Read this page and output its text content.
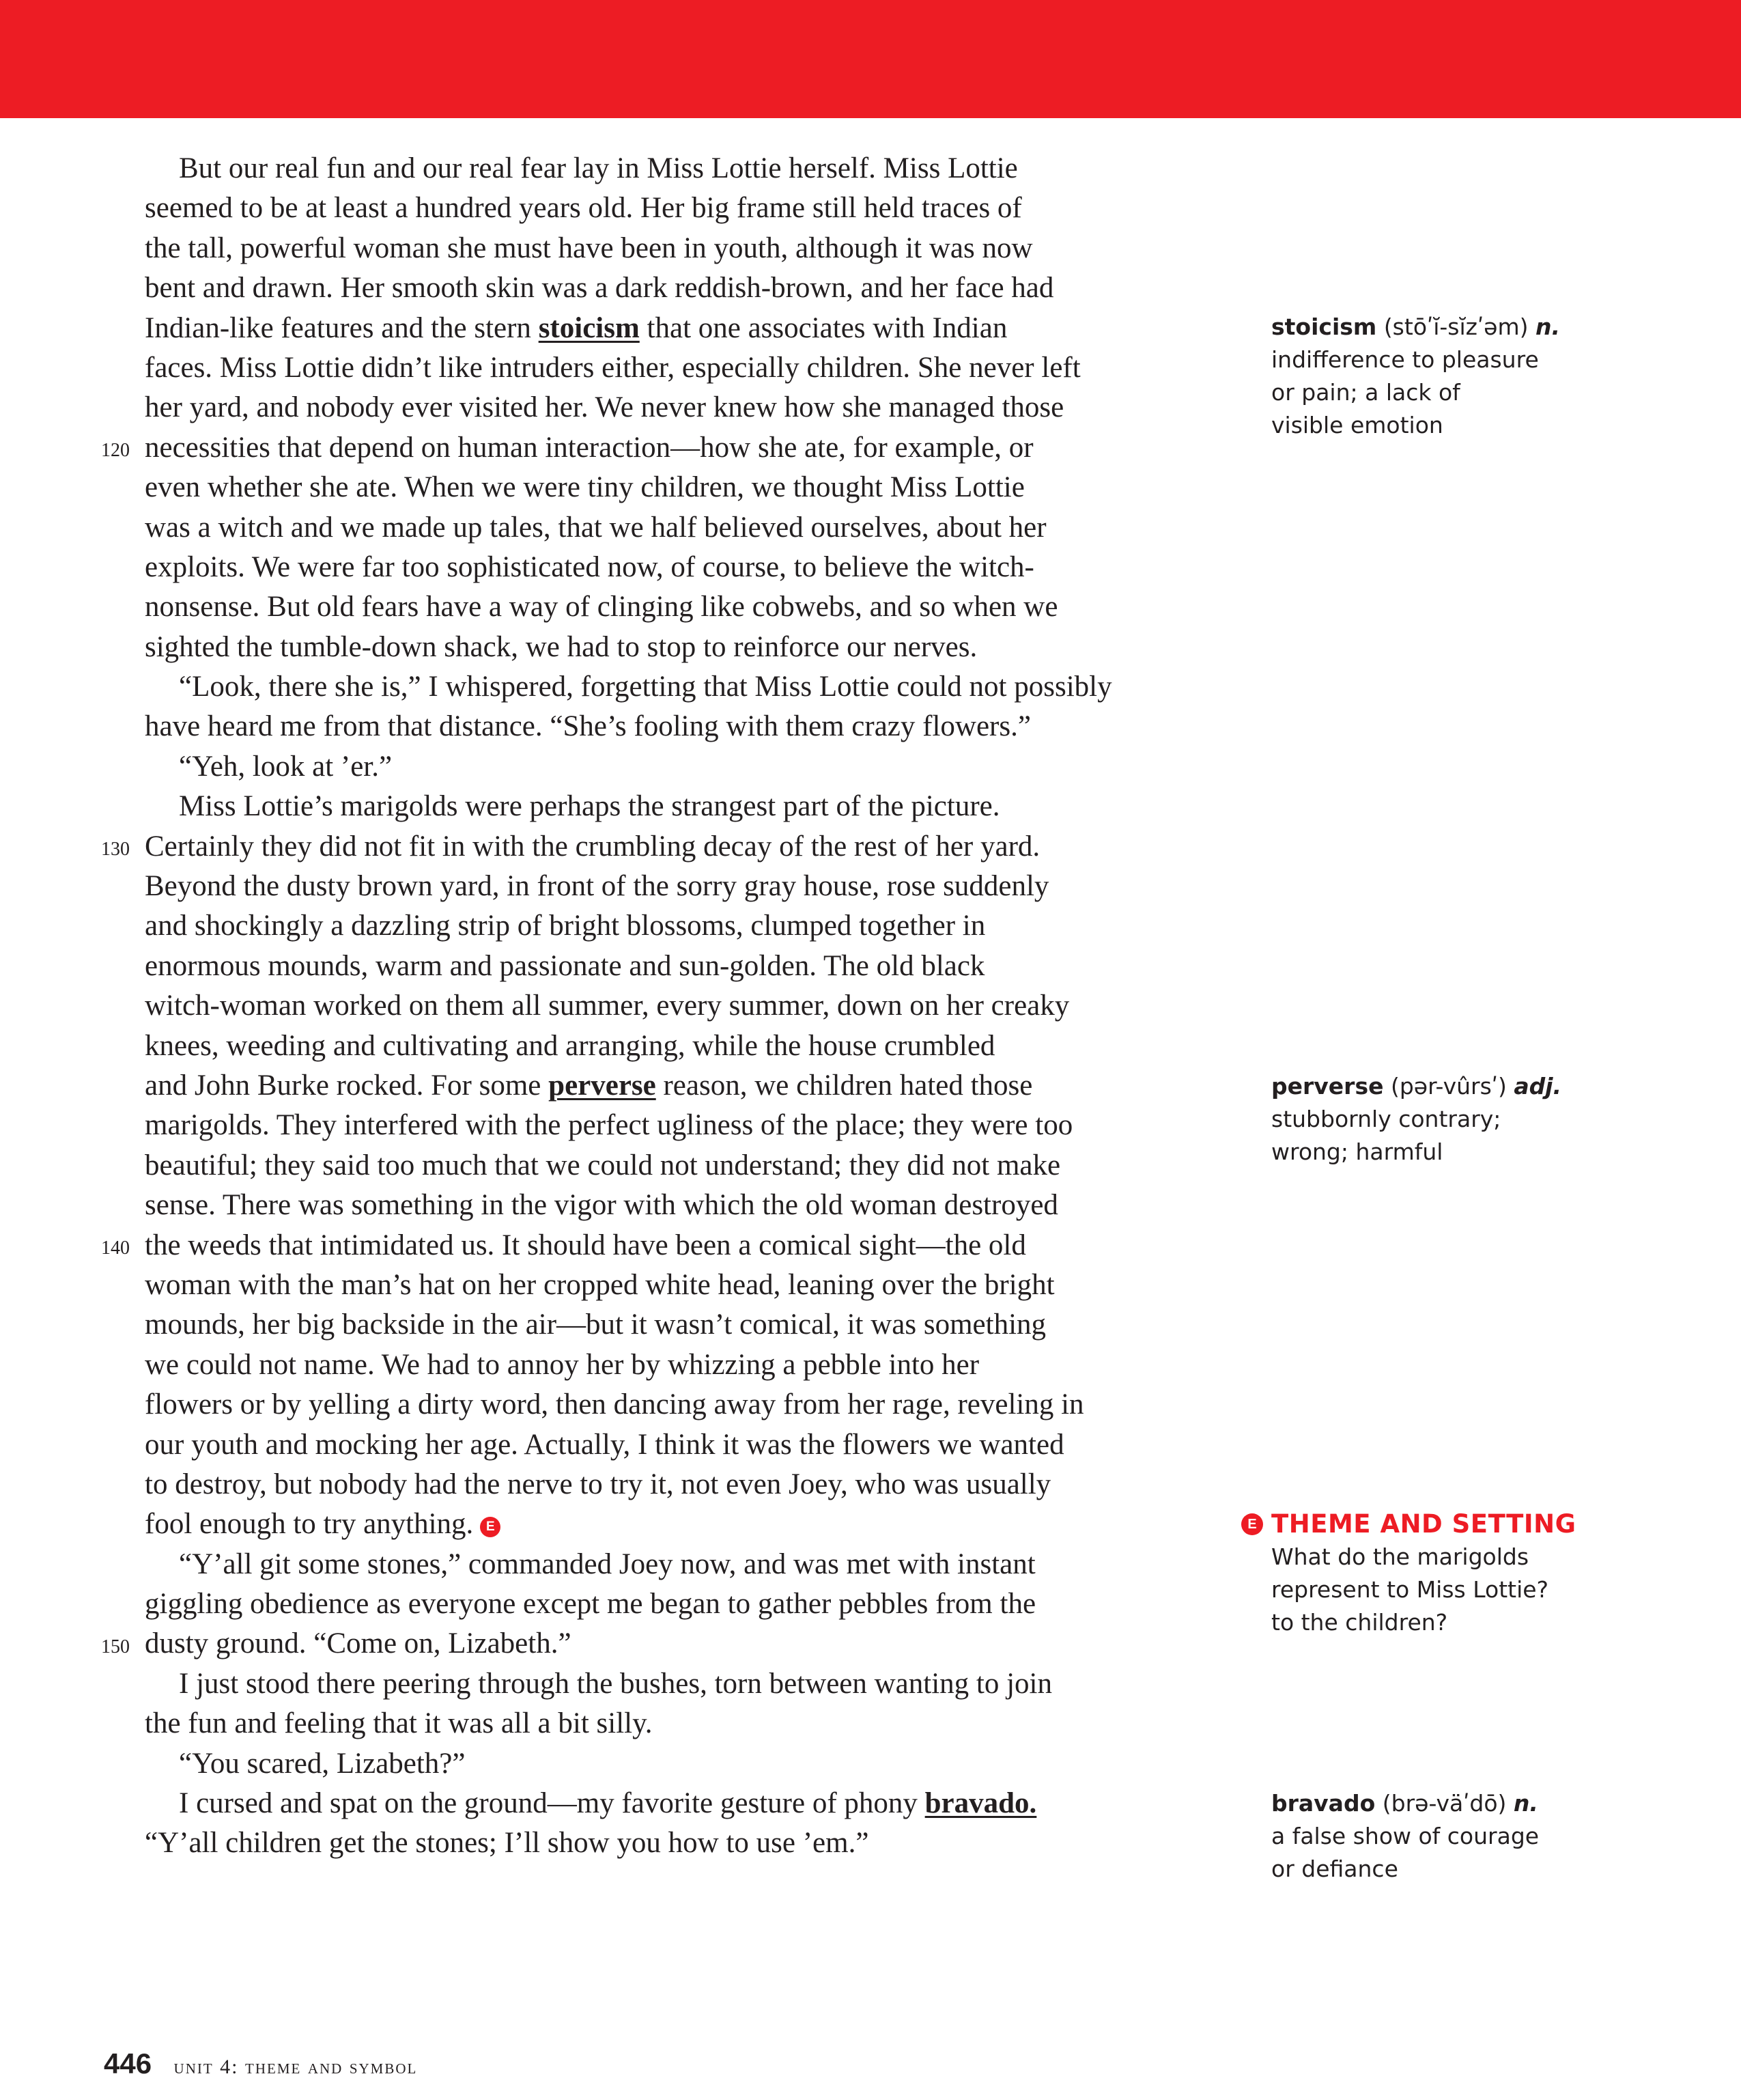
But our real fun and our real fear lay in Miss Lottie herself. Miss Lottie
seemed to be at least a hundred years old. Her big frame still held traces of
the tall, powerful woman she must have been in youth, although it was now
bent and drawn. Her smooth skin was a dark reddish-brown, and her face had
Indian-like features and the stern stoicism that one associates with Indian
faces. Miss Lottie didn’t like intruders either, especially children. She never left
her yard, and nobody ever visited her. We never knew how she managed those
necessities that depend on human interaction—how she ate, for example, or
even whether she ate. When we were tiny children, we thought Miss Lottie
was a witch and we made up tales, that we half believed ourselves, about her
exploits. We were far too sophisticated now, of course, to believe the witch-
nonsense. But old fears have a way of clinging like cobwebs, and so when we
sighted the tumble-down shack, we had to stop to reinforce our nerves.
“Look, there she is,” I whispered, forgetting that Miss Lottie could not possibly
have heard me from that distance. “She’s fooling with them crazy flowers.”
“Yeh, look at ’er.”
Miss Lottie’s marigolds were perhaps the strangest part of the picture.
Certainly they did not fit in with the crumbling decay of the rest of her yard.
Beyond the dusty brown yard, in front of the sorry gray house, rose suddenly
and shockingly a dazzling strip of bright blossoms, clumped together in
enormous mounds, warm and passionate and sun-golden. The old black
witch-woman worked on them all summer, every summer, down on her creaky
knees, weeding and cultivating and arranging, while the house crumbled
and John Burke rocked. For some perverse reason, we children hated those
marigolds. They interfered with the perfect ugliness of the place; they were too
beautiful; they said too much that we could not understand; they did not make
sense. There was something in the vigor with which the old woman destroyed
the weeds that intimidated us. It should have been a comical sight—the old
woman with the man’s hat on her cropped white head, leaning over the bright
mounds, her big backside in the air—but it wasn’t comical, it was something
we could not name. We had to annoy her by whizzing a pebble into her
flowers or by yelling a dirty word, then dancing away from her rage, reveling in
our youth and mocking her age. Actually, I think it was the flowers we wanted
to destroy, but nobody had the nerve to try it, not even Joey, who was usually
fool enough to try anything. E
“Y’all git some stones,” commanded Joey now, and was met with instant
giggling obedience as everyone except me began to gather pebbles from the
dusty ground. “Come on, Lizabeth.”
I just stood there peering through the bushes, torn between wanting to join
the fun and feeling that it was all a bit silly.
“You scared, Lizabeth?”
I cursed and spat on the ground—my favorite gesture of phony bravado.
“Y’all children get the stones; I’ll show you how to use ’em.”
120
130
140
150
stoicism (stōʹĭ-sĭzʹəm) n.
indifference to pleasure
or pain; a lack of
visible emotion
perverse (pər-vûrsʹ) adj.
stubbornly contrary;
wrong; harmful
E THEME AND SETTING
What do the marigolds
represent to Miss Lottie?
to the children?
bravado (brə-väʹdō) n.
a false show of courage
or defiance
446 unit 4: theme and symbol
